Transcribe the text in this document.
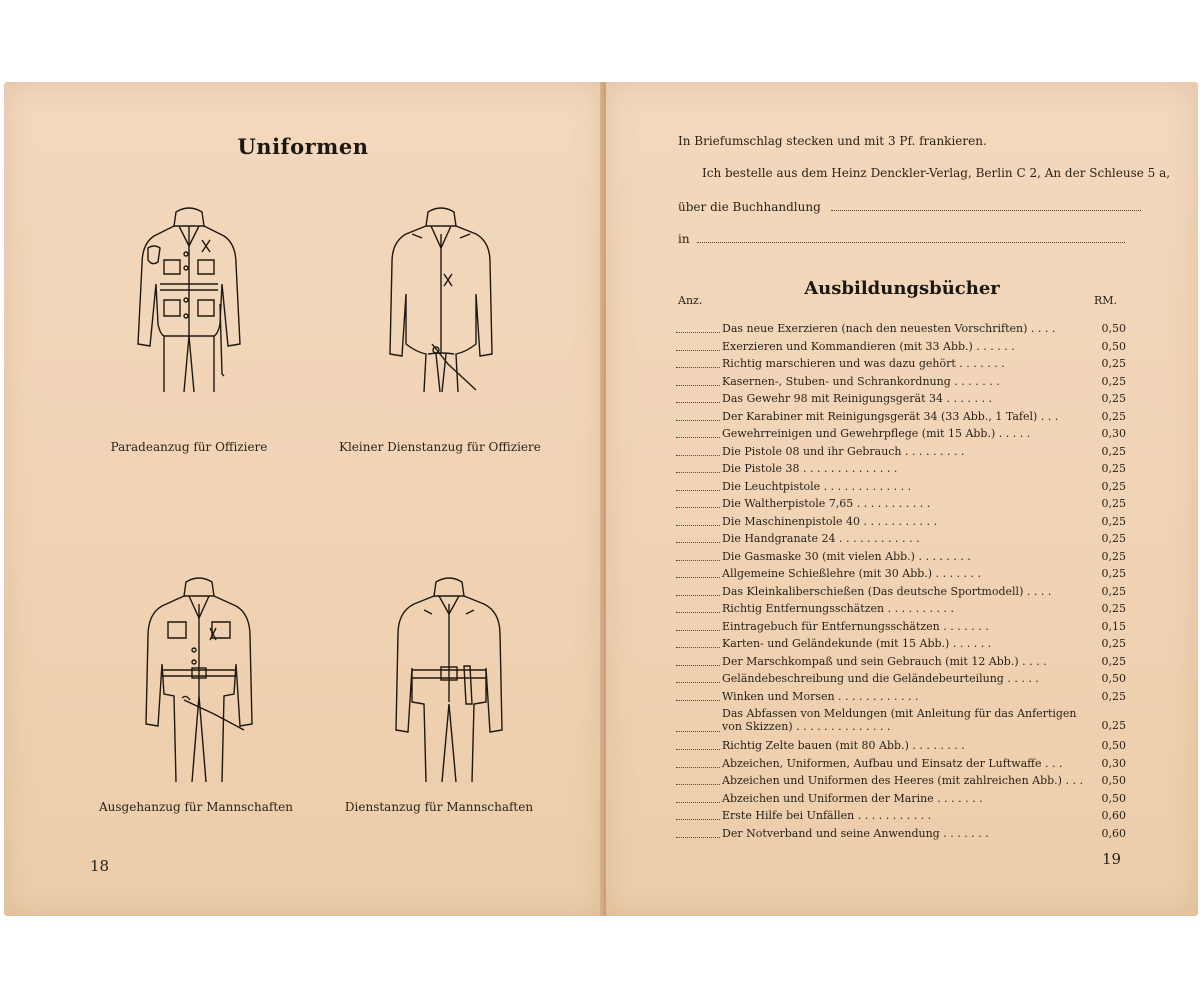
Uniformen
Paradeanzug für Offiziere	Kleiner Dienstanzug für Offiziere
Ausgehanzug für Mannschaften	Dienstanzug für Mannschaften
18
In Briefumschlag stecken und mit 3 Pf. frankieren.
Ich bestelle aus dem Heinz Denckler-Verlag, Berlin C 2, An der Schleuse 5 a,
über die Buchhandlung
in
Ausbildungsbücher
Anz.	RM.
Das neue Exerzieren (nach den neuesten Vorschriften) . . . .	0,50
Exerzieren und Kommandieren (mit 33 Abb.) . . . . . .	0,50
Richtig marschieren und was dazu gehört . . . . . . .	0,25
Kasernen-, Stuben- und Schrankordnung . . . . . . .	0,25
Das Gewehr 98 mit Reinigungsgerät 34 . . . . . . .	0,25
Der Karabiner mit Reinigungsgerät 34 (33 Abb., 1 Tafel) . . .	0,25
Gewehrreinigen und Gewehrpflege (mit 15 Abb.) . . . . .	0,30
Die Pistole 08 und ihr Gebrauch . . . . . . . . .	0,25
Die Pistole 38 . . . . . . . . . . . . . .	0,25
Die Leuchtpistole . . . . . . . . . . . . .	0,25
Die Waltherpistole 7,65 . . . . . . . . . . .	0,25
Die Maschinenpistole 40 . . . . . . . . . . .	0,25
Die Handgranate 24 . . . . . . . . . . . .	0,25
Die Gasmaske 30 (mit vielen Abb.) . . . . . . . .	0,25
Allgemeine Schießlehre (mit 30 Abb.) . . . . . . .	0,25
Das Kleinkaliberschießen (Das deutsche Sportmodell) . . . .	0,25
Richtig Entfernungsschätzen . . . . . . . . . .	0,25
Eintragebuch für Entfernungsschätzen . . . . . . .	0,15
Karten- und Geländekunde (mit 15 Abb.) . . . . . .	0,25
Der Marschkompaß und sein Gebrauch (mit 12 Abb.) . . . .	0,25
Geländebeschreibung und die Geländebeurteilung . . . . .	0,50
Winken und Morsen . . . . . . . . . . . .	0,25
Das Abfassen von Meldungen (mit Anleitung für das Anfertigen
von Skizzen) . . . . . . . . . . . . . .	0,25
Richtig Zelte bauen (mit 80 Abb.) . . . . . . . .	0,50
Abzeichen, Uniformen, Aufbau und Einsatz der Luftwaffe . . .	0,30
Abzeichen und Uniformen des Heeres (mit zahlreichen Abb.) . . .	0,50
Abzeichen und Uniformen der Marine . . . . . . .	0,50
Erste Hilfe bei Unfällen . . . . . . . . . . .	0,60
Der Notverband und seine Anwendung . . . . . . .	0,60
19
